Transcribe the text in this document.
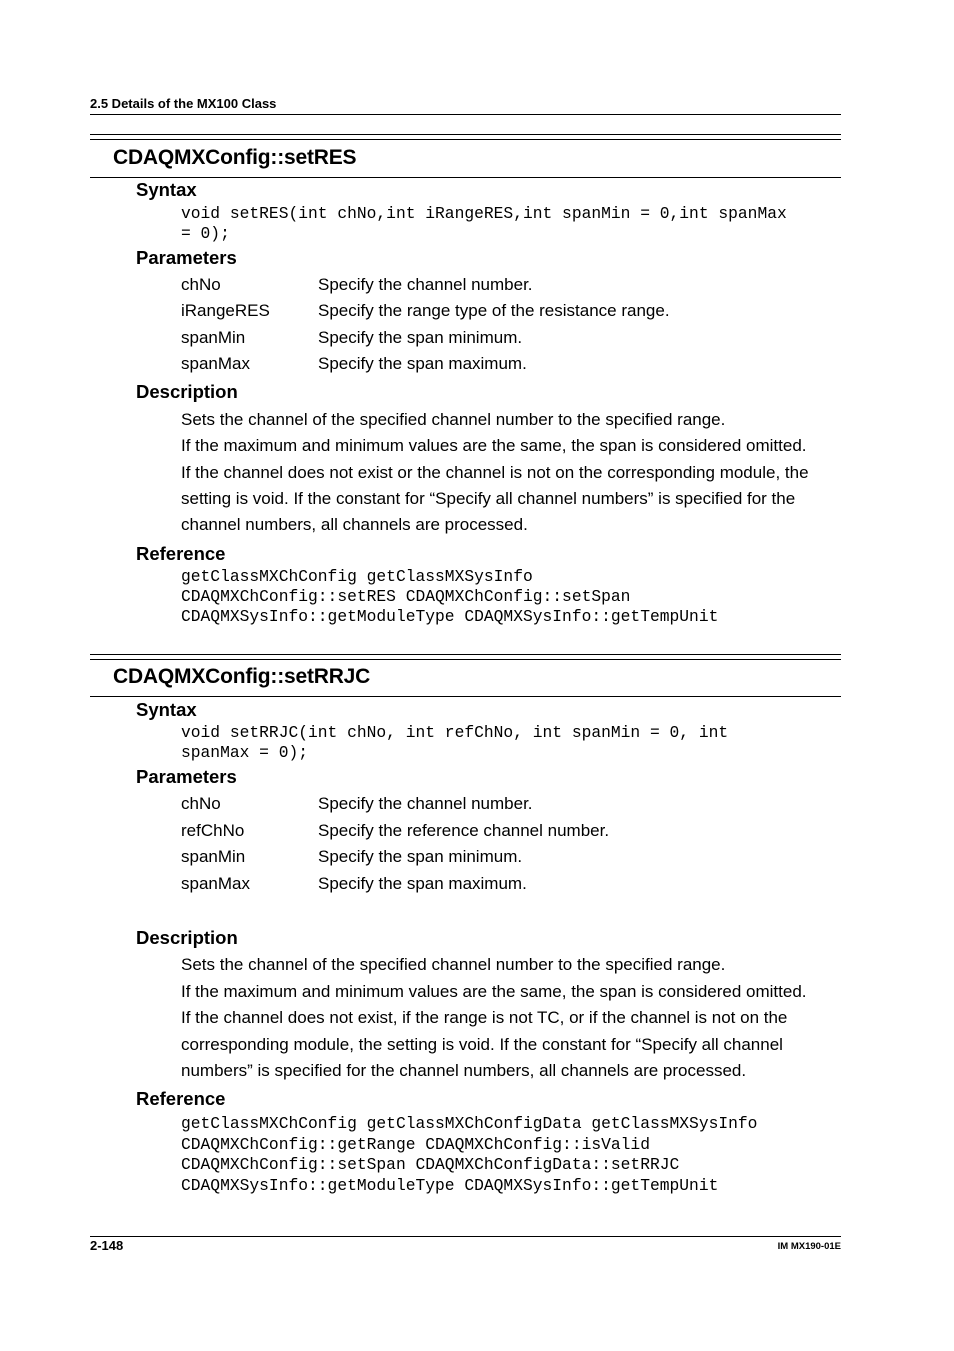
2.5 Details of the MX100 Class
CDAQMXConfig::setRES
Syntax
void setRES(int chNo,int iRangeRES,int spanMin = 0,int spanMax
= 0);
Parameters
chNo	Specify the channel number.
iRangeRES	Specify the range type of the resistance range.
spanMin	Specify the span minimum.
spanMax	Specify the span maximum.
Description
Sets the channel of the specified channel number to the specified range.
If the maximum and minimum values are the same, the span is considered omitted.
If the channel does not exist or the channel is not on the corresponding module, the
setting is void. If the constant for “Specify all channel numbers” is specified for the
channel numbers, all channels are processed.
Reference
getClassMXChConfig getClassMXSysInfo
CDAQMXChConfig::setRES CDAQMXChConfig::setSpan
CDAQMXSysInfo::getModuleType CDAQMXSysInfo::getTempUnit
CDAQMXConfig::setRRJC
Syntax
void setRRJC(int chNo, int refChNo, int spanMin = 0, int
spanMax = 0);
Parameters
chNo	Specify the channel number.
refChNo	Specify the reference channel number.
spanMin	Specify the span minimum.
spanMax	Specify the span maximum.
Description
Sets the channel of the specified channel number to the specified range.
If the maximum and minimum values are the same, the span is considered omitted.
If the channel does not exist, if the range is not TC, or if the channel is not on the
corresponding module, the setting is void. If the constant for “Specify all channel
numbers” is specified for the channel numbers, all channels are processed.
Reference
getClassMXChConfig getClassMXChConfigData getClassMXSysInfo
CDAQMXChConfig::getRange CDAQMXChConfig::isValid
CDAQMXChConfig::setSpan CDAQMXChConfigData::setRRJC
CDAQMXSysInfo::getModuleType CDAQMXSysInfo::getTempUnit
2-148	IM MX190-01E
